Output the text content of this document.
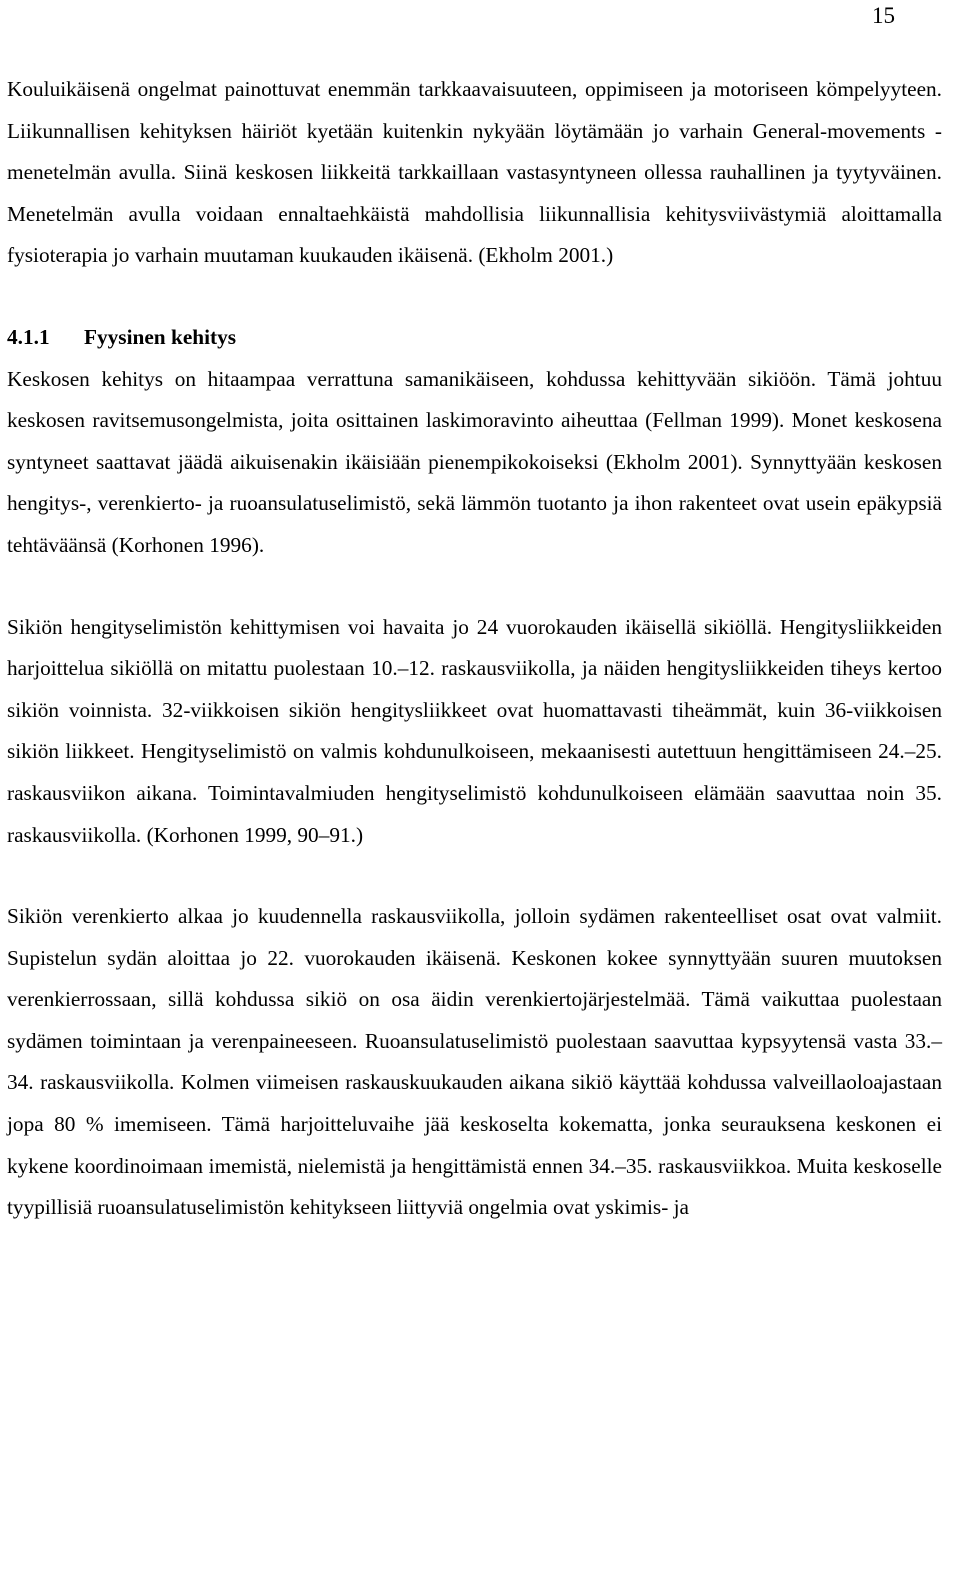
15

Kouluikäisenä ongelmat painottuvat enemmän tarkkaavaisuuteen, oppimiseen ja motoriseen kömpelyyteen. Liikunnallisen kehityksen häiriöt kyetään kuitenkin nykyään löytämään jo varhain General-movements -menetelmän avulla. Siinä keskosen liikkeitä tarkkaillaan vastasyntyneen ollessa rauhallinen ja tyytyväinen. Menetelmän avulla voidaan ennaltaehkäistä mahdollisia liikunnallisia kehitysviivästymiä aloittamalla fysioterapia jo varhain muutaman kuukauden ikäisenä. (Ekholm 2001.)

4.1.1 Fyysinen kehitys

Keskosen kehitys on hitaampaa verrattuna samanikäiseen, kohdussa kehittyvään sikiöön. Tämä johtuu keskosen ravitsemusongelmista, joita osittainen laskimoravinto aiheuttaa (Fellman 1999). Monet keskosena syntyneet saattavat jäädä aikuisenakin ikäisiään pienempikokoiseksi (Ekholm 2001). Synnyttyään keskosen hengitys-, verenkierto- ja ruoansulatuselimistö, sekä lämmön tuotanto ja ihon rakenteet ovat usein epäkypsiä tehtäväänsä (Korhonen 1996).

Sikiön hengityselimistön kehittymisen voi havaita jo 24 vuorokauden ikäisellä sikiöllä. Hengitysliikkeiden harjoittelua sikiöllä on mitattu puolestaan 10.–12. raskausviikolla, ja näiden hengitysliikkeiden tiheys kertoo sikiön voinnista. 32-viikkoisen sikiön hengitysliikkeet ovat huomattavasti tiheämmät, kuin 36-viikkoisen sikiön liikkeet. Hengityselimistö on valmis kohdunulkoiseen, mekaanisesti autettuun hengittämiseen 24.–25. raskausviikon aikana. Toimintavalmiuden hengityselimistö kohdunulkoiseen elämään saavuttaa noin 35. raskausviikolla. (Korhonen 1999, 90–91.)

Sikiön verenkierto alkaa jo kuudennella raskausviikolla, jolloin sydämen rakenteelliset osat ovat valmiit. Supistelun sydän aloittaa jo 22. vuorokauden ikäisenä. Keskonen kokee synnyttyään suuren muutoksen verenkierrossaan, sillä kohdussa sikiö on osa äidin verenkiertojärjestelmää. Tämä vaikuttaa puolestaan sydämen toimintaan ja verenpaineeseen. Ruoansulatuselimistö puolestaan saavuttaa kypsyytensä vasta 33.–34. raskausviikolla. Kolmen viimeisen raskauskuukauden aikana sikiö käyttää kohdussa valveillaoloajastaan jopa 80 % imemiseen. Tämä harjoitteluvaihe jää keskoselta kokematta, jonka seurauksena keskonen ei kykene koordinoimaan imemistä, nielemistä ja hengittämistä ennen 34.–35. raskausviikkoa. Muita keskoselle tyypillisiä ruoansulatuselimistön kehitykseen liittyviä ongelmia ovat yskimis- ja
